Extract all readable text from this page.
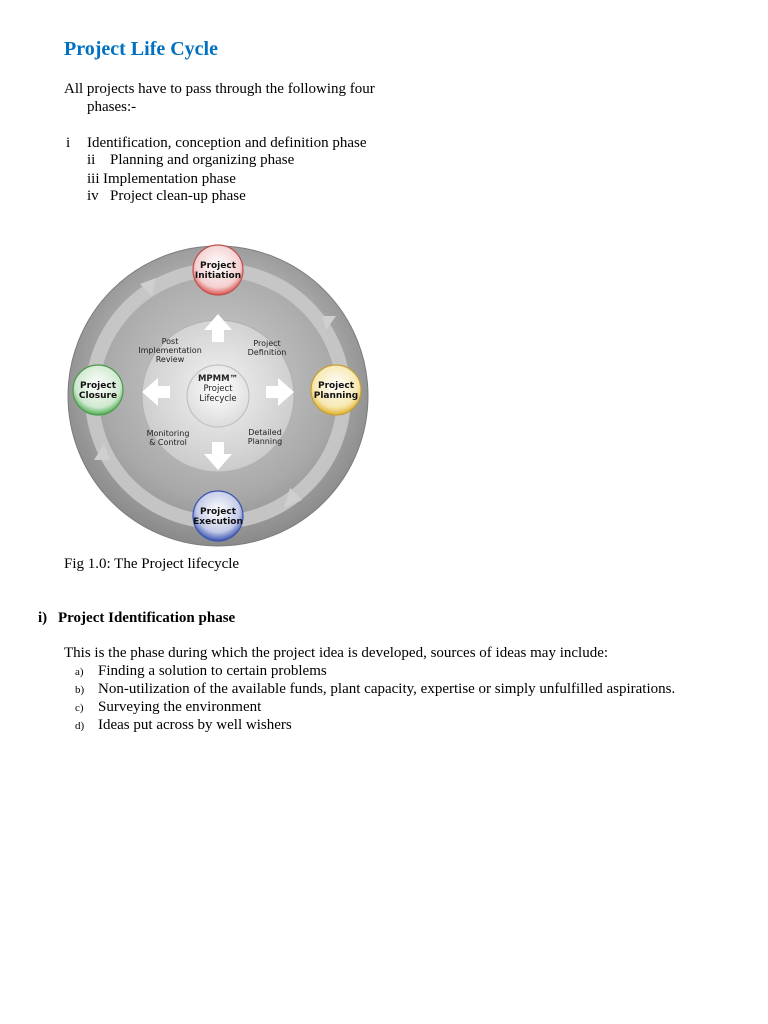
Project Life Cycle
All projects have to pass through the following four
phases:-
i Identification, conception and definition phase
ii Planning and organizing phase
iii Implementation phase
iv Project clean-up phase
Project
Initiation
Project
Planning
Project
Execution
Project
Closure
Project
Definition
Detailed
Planning
Monitoring
& Control
Post
Implementation
Review
MPMM™
Project
Lifecycle
Fig 1.0: The Project lifecycle
i) Project Identification phase
This is the phase during which the project idea is developed, sources of ideas may include:
a) Finding a solution to certain problems
b) Non-utilization of the available funds, plant capacity, expertise or simply unfulfilled aspirations.
c) Surveying the environment
d) Ideas put across by well wishers
